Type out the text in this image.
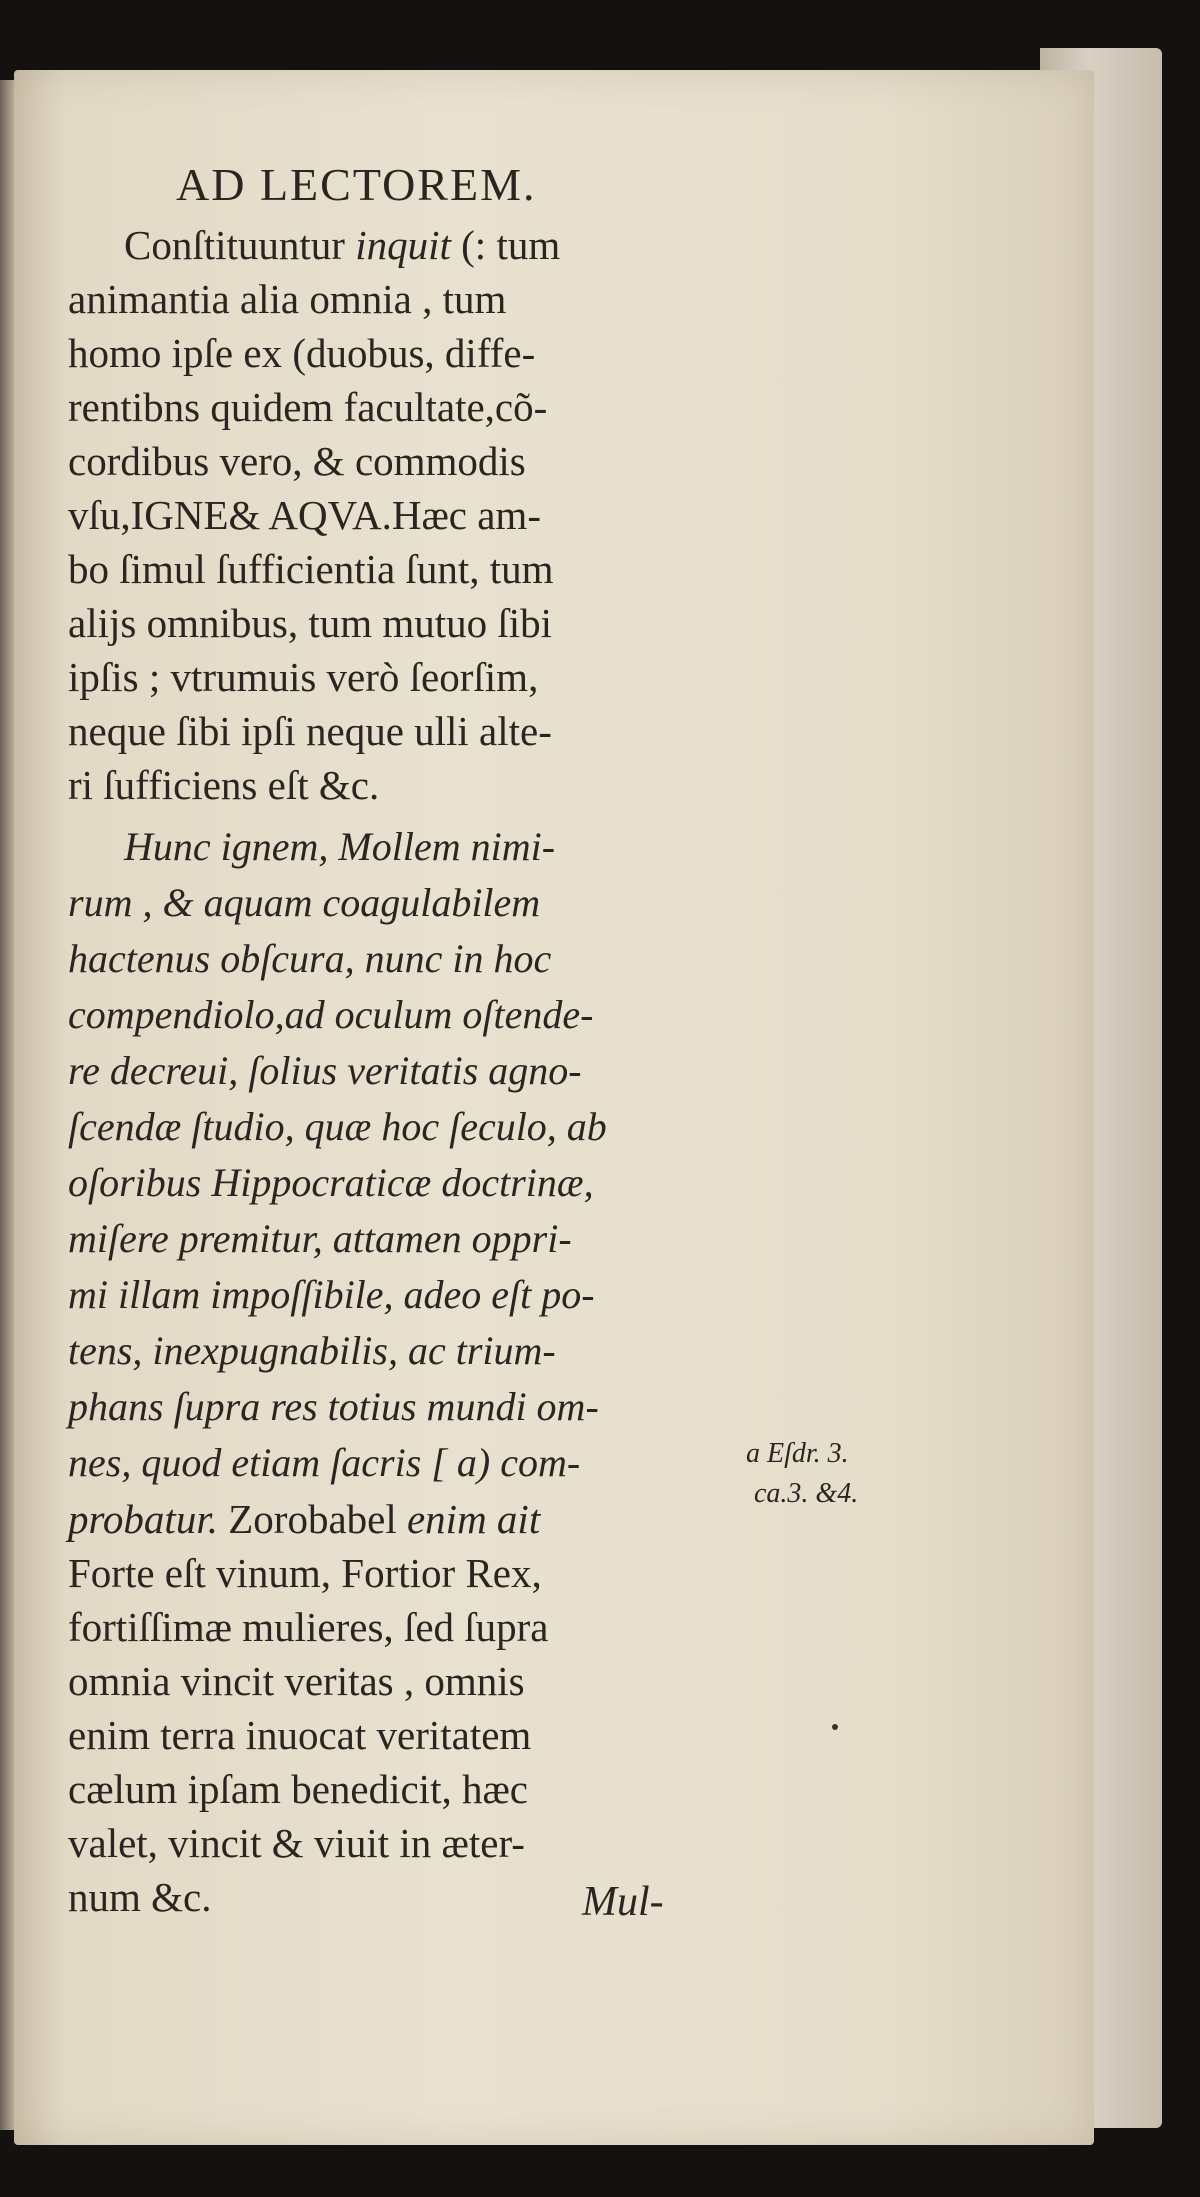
AD LECTOREM.
Conſtituuntur inquit (: tum
animantia alia omnia , tum
homo ipſe ex (duobus, diffe-
rentibns quidem facultate,cõ-
cordibus vero, & commodis
vſu,IGNE& AQVA.Hæc am-
bo ſimul ſufficientia ſunt, tum
alijs omnibus, tum mutuo ſibi
ipſis ; vtrumuis verò ſeorſim,
neque ſibi ipſi neque ulli alte-
ri ſufficiens eſt &c.
Hunc ignem, Mollem nimi-
rum , & aquam coagulabilem
hactenus obſcura, nunc in hoc
compendiolo,ad oculum oſtende-
re decreui, ſolius veritatis agno-
ſcendæ ſtudio, quæ hoc ſeculo, ab
oſoribus Hippocraticæ doctrinæ,
miſere premitur, attamen oppri-
mi illam impoſſibile, adeo eſt po-
tens, inexpugnabilis, ac trium-
phans ſupra res totius mundi om-
nes, quod etiam ſacris [ a) com-
probatur. Zorobabel enim ait
Forte eſt vinum, Fortior Rex,
fortiſſimæ mulieres, ſed ſupra
omnia vincit veritas , omnis
enim terra inuocat veritatem
cælum ipſam benedicit, hæc
valet, vincit & viuit in æter-
num &c.
a Eſdr. 3.
ca.3. &4.
Mul-
